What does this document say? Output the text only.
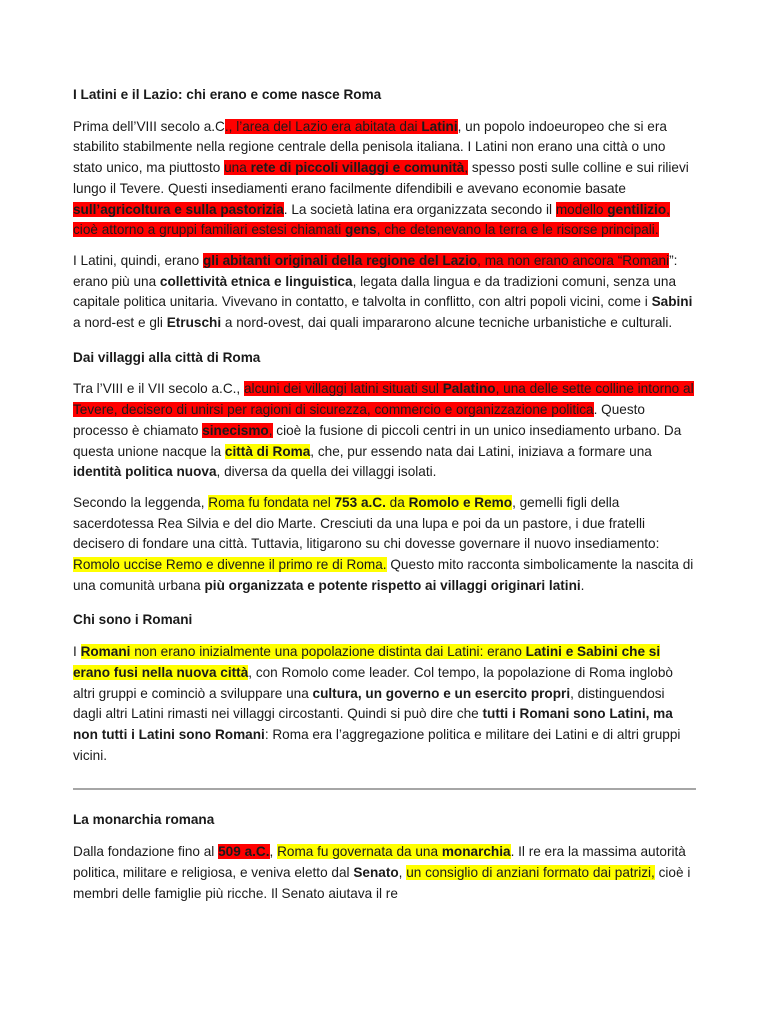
I Latini e il Lazio: chi erano e come nasce Roma

Prima dell’VIII secolo a.C., l’area del Lazio era abitata dai Latini, un popolo indoeuropeo che si era stabilito stabilmente nella regione centrale della penisola italiana. I Latini non erano una città o uno stato unico, ma piuttosto una rete di piccoli villaggi e comunità, spesso posti sulle colline e sui rilievi lungo il Tevere. Questi insediamenti erano facilmente difendibili e avevano economie basate sull’agricoltura e sulla pastorizia. La società latina era organizzata secondo il modello gentilizio, cioè attorno a gruppi familiari estesi chiamati gens, che detenevano la terra e le risorse principali.

I Latini, quindi, erano gli abitanti originali della regione del Lazio, ma non erano ancora “Romani”: erano più una collettività etnica e linguistica, legata dalla lingua e da tradizioni comuni, senza una capitale politica unitaria. Vivevano in contatto, e talvolta in conflitto, con altri popoli vicini, come i Sabini a nord-est e gli Etruschi a nord-ovest, dai quali impararono alcune tecniche urbanistiche e culturali.

Dai villaggi alla città di Roma

Tra l’VIII e il VII secolo a.C., alcuni dei villaggi latini situati sul Palatino, una delle sette colline intorno al Tevere, decisero di unirsi per ragioni di sicurezza, commercio e organizzazione politica. Questo processo è chiamato sinecismo, cioè la fusione di piccoli centri in un unico insediamento urbano. Da questa unione nacque la città di Roma, che, pur essendo nata dai Latini, iniziava a formare una identità politica nuova, diversa da quella dei villaggi isolati.

Secondo la leggenda, Roma fu fondata nel 753 a.C. da Romolo e Remo, gemelli figli della sacerdotessa Rea Silvia e del dio Marte. Cresciuti da una lupa e poi da un pastore, i due fratelli decisero di fondare una città. Tuttavia, litigarono su chi dovesse governare il nuovo insediamento: Romolo uccise Remo e divenne il primo re di Roma. Questo mito racconta simbolicamente la nascita di una comunità urbana più organizzata e potente rispetto ai villaggi originari latini.

Chi sono i Romani

I Romani non erano inizialmente una popolazione distinta dai Latini: erano Latini e Sabini che si erano fusi nella nuova città, con Romolo come leader. Col tempo, la popolazione di Roma inglobò altri gruppi e cominciò a sviluppare una cultura, un governo e un esercito propri, distinguendosi dagli altri Latini rimasti nei villaggi circostanti. Quindi si può dire che tutti i Romani sono Latini, ma non tutti i Latini sono Romani: Roma era l’aggregazione politica e militare dei Latini e di altri gruppi vicini.

La monarchia romana

Dalla fondazione fino al 509 a.C., Roma fu governata da una monarchia. Il re era la massima autorità politica, militare e religiosa, e veniva eletto dal Senato, un consiglio di anziani formato dai patrizi, cioè i membri delle famiglie più ricche. Il Senato aiutava il re
